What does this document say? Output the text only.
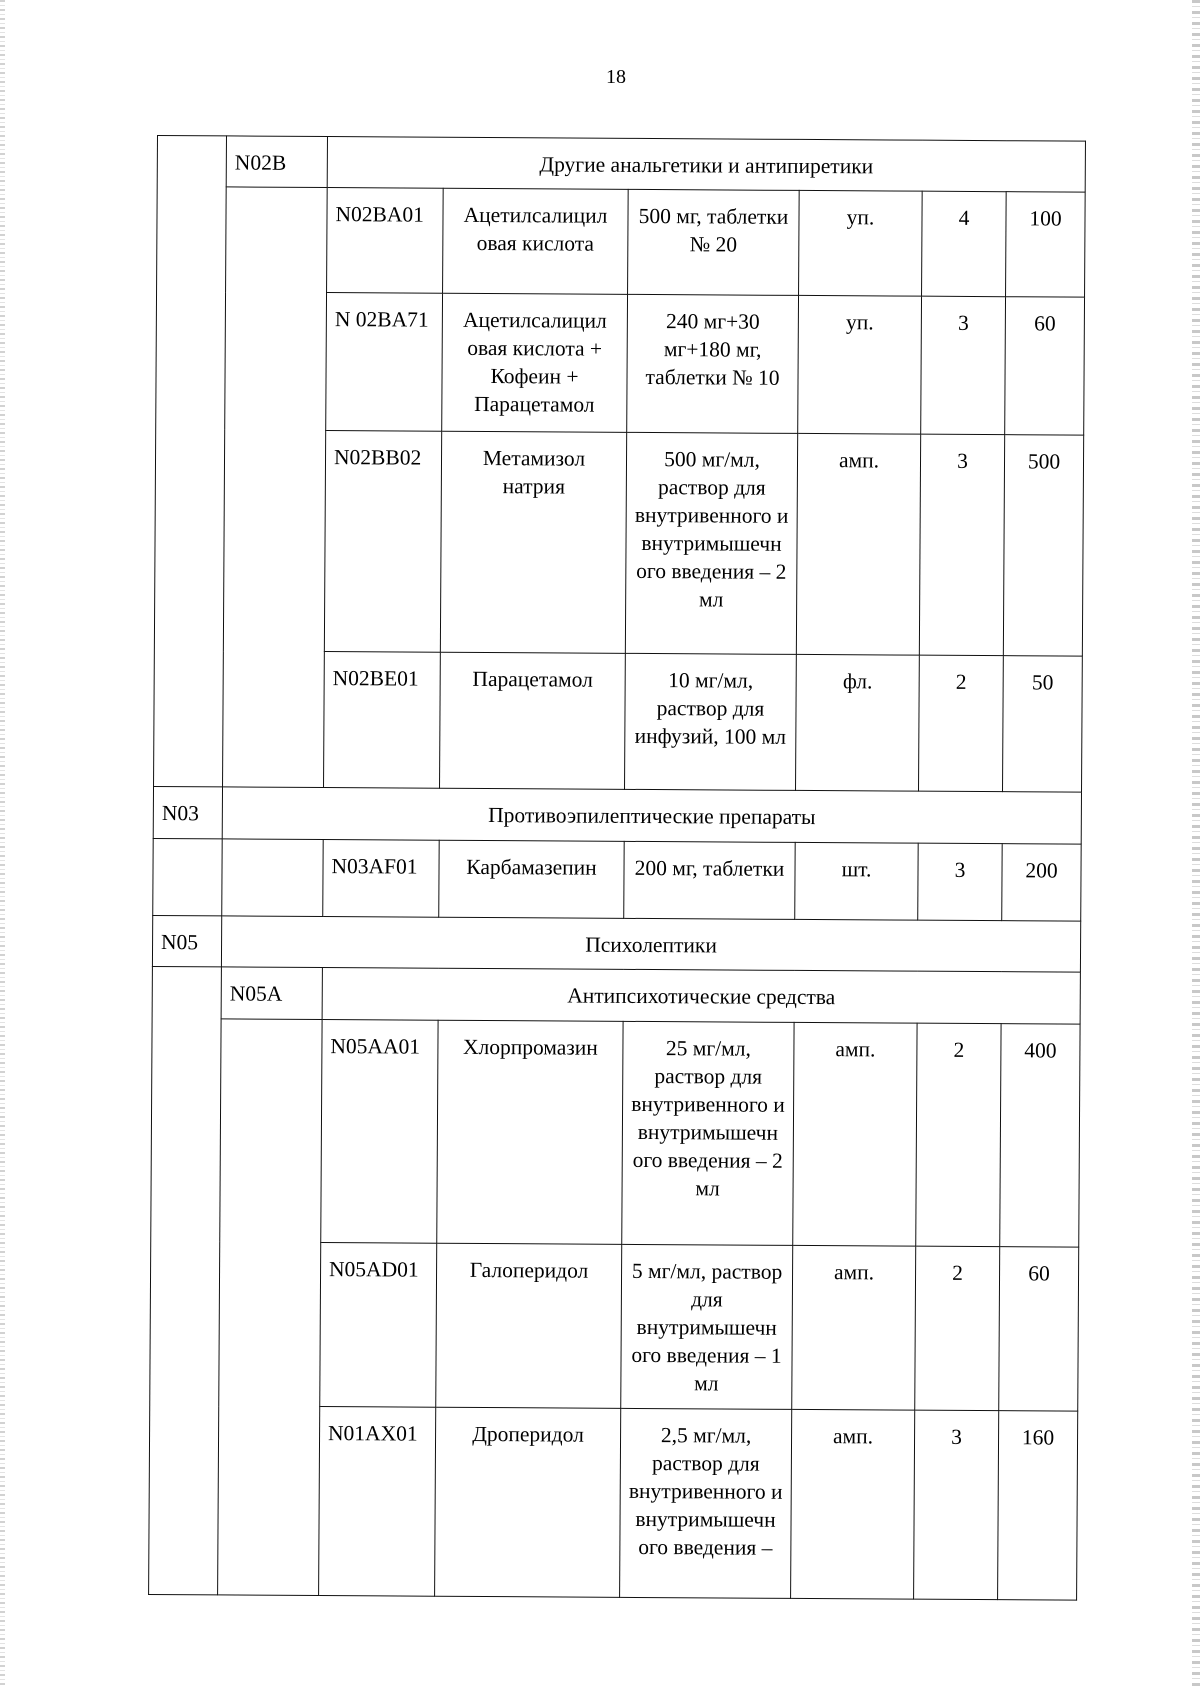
18
	N02B	Другие анальгетики и антипиретики					
		N02BA01	Ацетилсалицил овая кислота	500 мг, таблетки № 20	уп.	4	100
		N 02BA71	Ацетилсалицил овая кислота + Кофеин + Парацетамол	240 мг+30 мг+180 мг, таблетки № 10	уп.	3	60
		N02BB02	Метамизол натрия	500 мг/мл, раствор для внутривенного и внутримышечн ого введения – 2 мл	амп.	3	500
		N02BE01	Парацетамол	10 мг/мл, раствор для инфузий, 100 мл	фл.	2	50
N03	Противоэпилептические препараты						
		N03AF01	Карбамазепин	200 мг, таблетки	шт.	3	200
N05	Психолептики						
	N05A	Антипсихотические средства					
		N05AA01	Хлорпромазин	25 мг/мл, раствор для внутривенного и внутримышечн ого введения – 2 мл	амп.	2	400
		N05AD01	Галоперидол	5 мг/мл, раствор для внутримышечн ого введения – 1 мл	амп.	2	60
		N01AX01	Дроперидол	2,5 мг/мл, раствор для внутривенного и внутримышечн ого введения –	амп.	3	160
